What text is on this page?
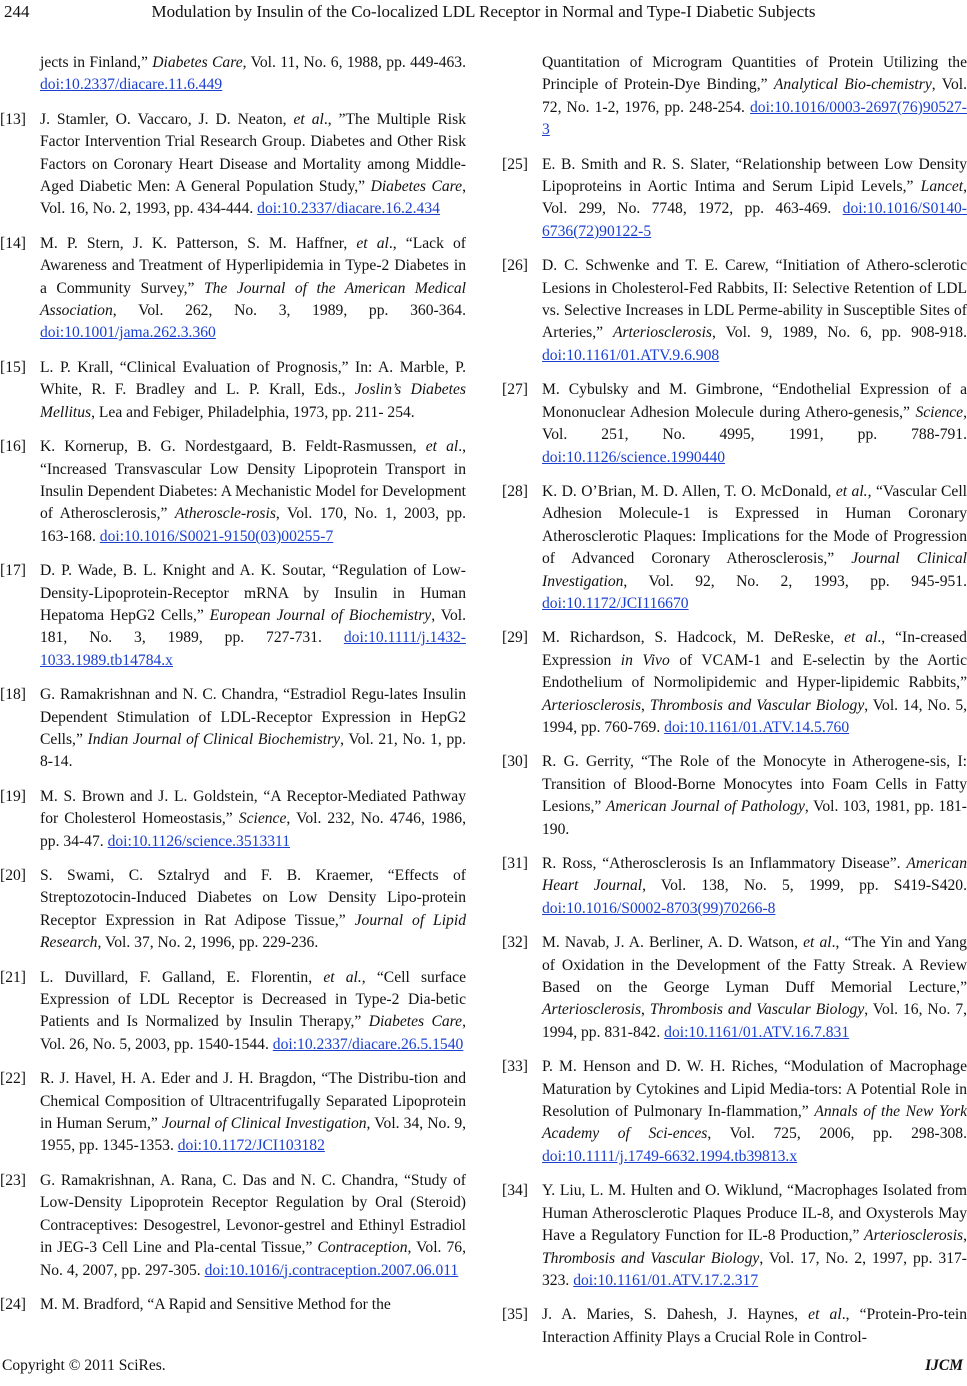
244	Modulation by Insulin of the Co-localized LDL Receptor in Normal and Type-I Diabetic Subjects
jects in Finland,” Diabetes Care, Vol. 11, No. 6, 1988, pp. 449-463. doi:10.2337/diacare.11.6.449
[13] J. Stamler, O. Vaccaro, J. D. Neaton, et al., ”The Multiple Risk Factor Intervention Trial Research Group. Diabetes and Other Risk Factors on Coronary Heart Disease and Mortality among Middle-Aged Diabetic Men: A General Population Study,” Diabetes Care, Vol. 16, No. 2, 1993, pp. 434-444. doi:10.2337/diacare.16.2.434
[14] M. P. Stern, J. K. Patterson, S. M. Haffner, et al., “Lack of Awareness and Treatment of Hyperlipidemia in Type-2 Diabetes in a Community Survey,” The Journal of the American Medical Association, Vol. 262, No. 3, 1989, pp. 360-364. doi:10.1001/jama.262.3.360
[15] L. P. Krall, “Clinical Evaluation of Prognosis,” In: A. Marble, P. White, R. F. Bradley and L. P. Krall, Eds., Joslin’s Diabetes Mellitus, Lea and Febiger, Philadelphia, 1973, pp. 211- 254.
[16] K. Kornerup, B. G. Nordestgaard, B. Feldt-Rasmussen, et al., “Increased Transvascular Low Density Lipoprotein Transport in Insulin Dependent Diabetes: A Mechanistic Model for Development of Atherosclerosis,” Atheroscle-rosis, Vol. 170, No. 1, 2003, pp. 163-168. doi:10.1016/S0021-9150(03)00255-7
[17] D. P. Wade, B. L. Knight and A. K. Soutar, “Regulation of Low-Density-Lipoprotein-Receptor mRNA by Insulin in Human Hepatoma HepG2 Cells,” European Journal of Biochemistry, Vol. 181, No. 3, 1989, pp. 727-731. doi:10.1111/j.1432-1033.1989.tb14784.x
[18] G. Ramakrishnan and N. C. Chandra, “Estradiol Regu-lates Insulin Dependent Stimulation of LDL-Receptor Expression in HepG2 Cells,” Indian Journal of Clinical Biochemistry, Vol. 21, No. 1, pp. 8-14.
[19] M. S. Brown and J. L. Goldstein, “A Receptor-Mediated Pathway for Cholesterol Homeostasis,” Science, Vol. 232, No. 4746, 1986, pp. 34-47. doi:10.1126/science.3513311
[20] S. Swami, C. Sztalryd and F. B. Kraemer, “Effects of Streptozotocin-Induced Diabetes on Low Density Lipo-protein Receptor Expression in Rat Adipose Tissue,” Journal of Lipid Research, Vol. 37, No. 2, 1996, pp. 229-236.
[21] L. Duvillard, F. Galland, E. Florentin, et al., “Cell surface Expression of LDL Receptor is Decreased in Type-2 Dia-betic Patients and Is Normalized by Insulin Therapy,” Diabetes Care, Vol. 26, No. 5, 2003, pp. 1540-1544. doi:10.2337/diacare.26.5.1540
[22] R. J. Havel, H. A. Eder and J. H. Bragdon, “The Distribu-tion and Chemical Composition of Ultracentrifugally Separated Lipoprotein in Human Serum,” Journal of Clinical Investigation, Vol. 34, No. 9, 1955, pp. 1345-1353. doi:10.1172/JCI103182
[23] G. Ramakrishnan, A. Rana, C. Das and N. C. Chandra, “Study of Low-Density Lipoprotein Receptor Regulation by Oral (Steroid) Contraceptives: Desogestrel, Levonor-gestrel and Ethinyl Estradiol in JEG-3 Cell Line and Pla-cental Tissue,” Contraception, Vol. 76, No. 4, 2007, pp. 297-305. doi:10.1016/j.contraception.2007.06.011
[24] M. M. Bradford, “A Rapid and Sensitive Method for the
Quantitation of Microgram Quantities of Protein Utilizing the Principle of Protein-Dye Binding,” Analytical Bio-chemistry, Vol. 72, No. 1-2, 1976, pp. 248-254. doi:10.1016/0003-2697(76)90527-3
[25] E. B. Smith and R. S. Slater, “Relationship between Low Density Lipoproteins in Aortic Intima and Serum Lipid Levels,” Lancet, Vol. 299, No. 7748, 1972, pp. 463-469. doi:10.1016/S0140-6736(72)90122-5
[26] D. C. Schwenke and T. E. Carew, “Initiation of Athero-sclerotic Lesions in Cholesterol-Fed Rabbits, II: Selective Retention of LDL vs. Selective Increases in LDL Perme-ability in Susceptible Sites of Arteries,” Arteriosclerosis, Vol. 9, 1989, No. 6, pp. 908-918. doi:10.1161/01.ATV.9.6.908
[27] M. Cybulsky and M. Gimbrone, “Endothelial Expression of a Mononuclear Adhesion Molecule during Athero-genesis,” Science, Vol. 251, No. 4995, 1991, pp. 788-791. doi:10.1126/science.1990440
[28] K. D. O’Brian, M. D. Allen, T. O. McDonald, et al., “Vascular Cell Adhesion Molecule-1 is Expressed in Human Coronary Atherosclerotic Plaques: Implications for the Mode of Progression of Advanced Coronary Atherosclerosis,” Journal Clinical Investigation, Vol. 92, No. 2, 1993, pp. 945-951. doi:10.1172/JCI116670
[29] M. Richardson, S. Hadcock, M. DeReske, et al., “In-creased Expression in Vivo of VCAM-1 and E-selectin by the Aortic Endothelium of Normolipidemic and Hyper-lipidemic Rabbits,” Arteriosclerosis, Thrombosis and Vascular Biology, Vol. 14, No. 5, 1994, pp. 760-769. doi:10.1161/01.ATV.14.5.760
[30] R. G. Gerrity, “The Role of the Monocyte in Atherogene-sis, I: Transition of Blood-Borne Monocytes into Foam Cells in Fatty Lesions,” American Journal of Pathology, Vol. 103, 1981, pp. 181-190.
[31] R. Ross, “Atherosclerosis Is an Inflammatory Disease”. American Heart Journal, Vol. 138, No. 5, 1999, pp. S419-S420. doi:10.1016/S0002-8703(99)70266-8
[32] M. Navab, J. A. Berliner, A. D. Watson, et al., “The Yin and Yang of Oxidation in the Development of the Fatty Streak. A Review Based on the George Lyman Duff Memorial Lecture,” Arteriosclerosis, Thrombosis and Vascular Biology, Vol. 16, No. 7, 1994, pp. 831-842. doi:10.1161/01.ATV.16.7.831
[33] P. M. Henson and D. W. H. Riches, “Modulation of Macrophage Maturation by Cytokines and Lipid Media-tors: A Potential Role in Resolution of Pulmonary In-flammation,” Annals of the New York Academy of Sci-ences, Vol. 725, 2006, pp. 298-308. doi:10.1111/j.1749-6632.1994.tb39813.x
[34] Y. Liu, L. M. Hulten and O. Wiklund, “Macrophages Isolated from Human Atherosclerotic Plaques Produce IL-8, and Oxysterols May Have a Regulatory Function for IL-8 Production,” Arteriosclerosis, Thrombosis and Vascular Biology, Vol. 17, No. 2, 1997, pp. 317-323. doi:10.1161/01.ATV.17.2.317
[35] J. A. Maries, S. Dahesh, J. Haynes, et al., “Protein-Pro-tein Interaction Affinity Plays a Crucial Role in Control-
Copyright © 2011 SciRes.	IJCM
